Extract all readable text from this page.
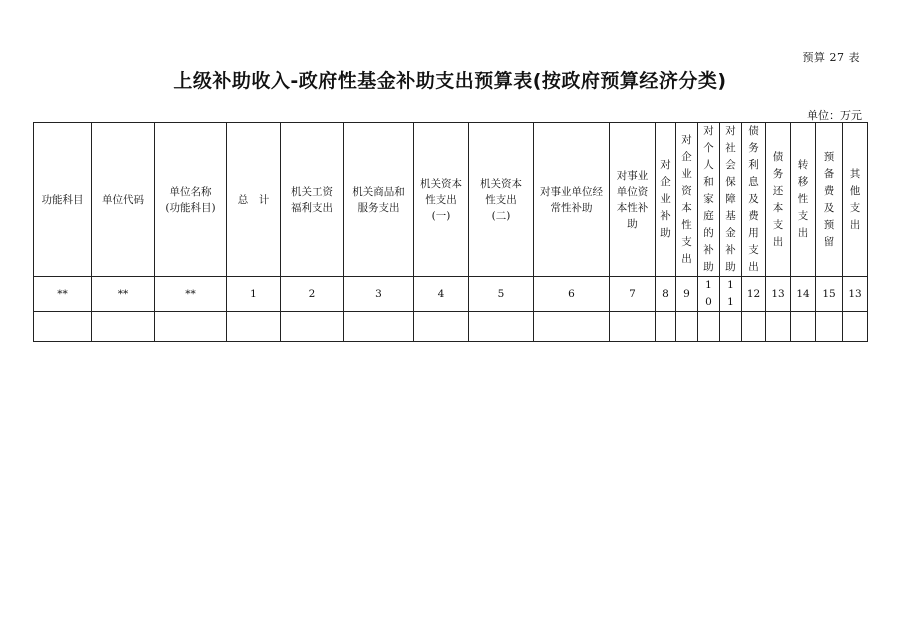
预算 27 表
上级补助收入-政府性基金补助支出预算表(按政府预算经济分类)
单位：万元
功能科目	单位代码	单位名称(功能科目)	总　计	机关工资福利支出	机关商品和服务支出	机关资本性支出(一)	机关资本性支出(二)	对事业单位经常性补助	对事业单位资本性补助	对企业补助	对企业资本性支出	对个人和家庭的补助	对社会保障基金补助	债务利息及费用支出	债务还本支出	转移性支出	预备费及预留	其他支出
**	**	**	1	2	3	4	5	6	7	8	9	10	11	12	13	14	15	13
